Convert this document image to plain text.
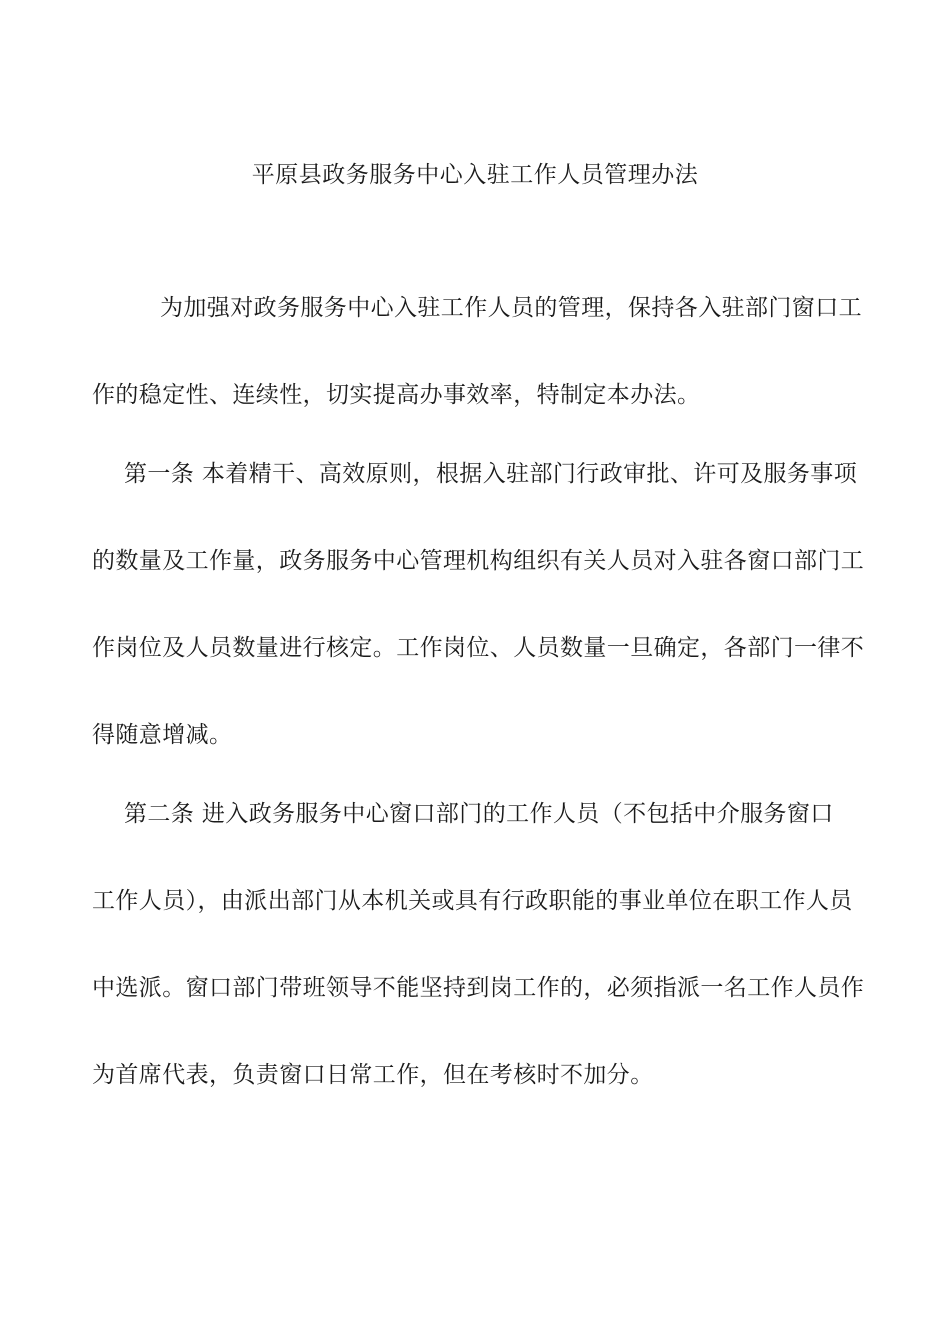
平原县政务服务中心入驻工作人员管理办法
为加强对政务服务中心入驻工作人员的管理，保持各入驻部门窗口工
作的稳定性、连续性，切实提高办事效率，特制定本办法。
第一条 本着精干、高效原则，根据入驻部门行政审批、许可及服务事项
的数量及工作量，政务服务中心管理机构组织有关人员对入驻各窗口部门工
作岗位及人员数量进行核定。工作岗位、人员数量一旦确定，各部门一律不
得随意增减。
第二条 进入政务服务中心窗口部门的工作人员（不包括中介服务窗口
工作人员），由派出部门从本机关或具有行政职能的事业单位在职工作人员
中选派。窗口部门带班领导不能坚持到岗工作的，必须指派一名工作人员作
为首席代表，负责窗口日常工作，但在考核时不加分。
